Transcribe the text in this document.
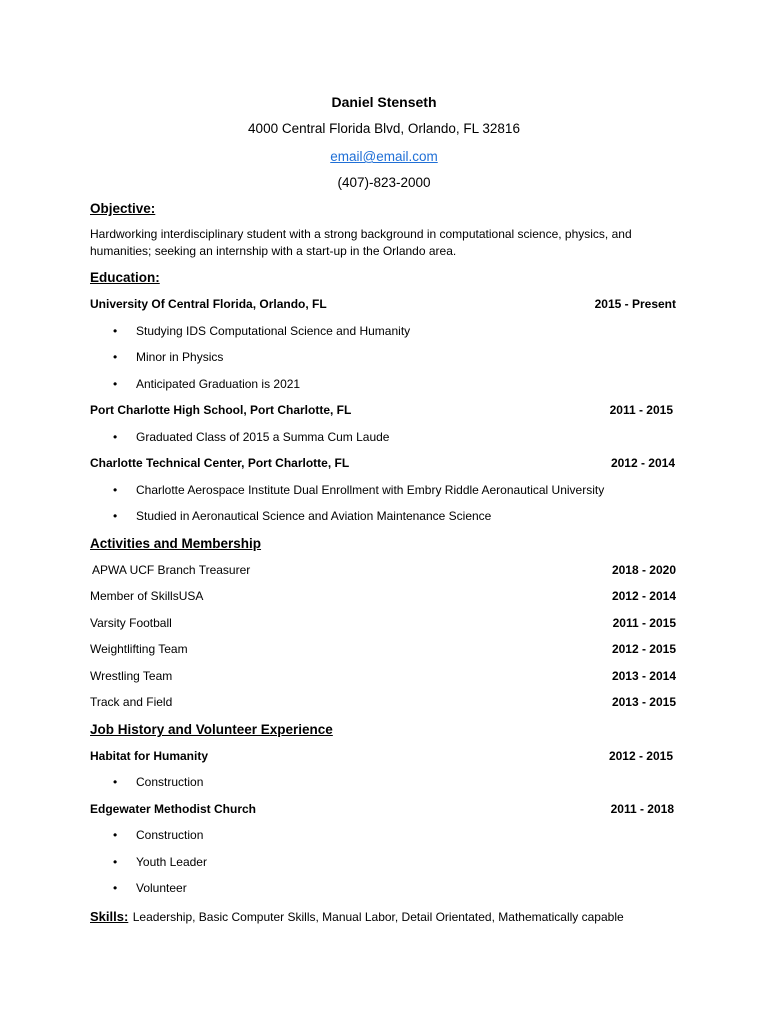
Daniel Stenseth
4000 Central Florida Blvd, Orlando, FL 32816
email@email.com
(407)-823-2000
Objective:
Hardworking interdisciplinary student with a strong background in computational science, physics, and humanities; seeking an internship with a start-up in the Orlando area.
Education:
University Of Central Florida, Orlando, FL	2015 - Present
• Studying IDS Computational Science and Humanity
• Minor in Physics
• Anticipated Graduation is 2021
Port Charlotte High School, Port Charlotte, FL	2011 - 2015
• Graduated Class of 2015 a Summa Cum Laude
Charlotte Technical Center, Port Charlotte, FL	2012 - 2014
• Charlotte Aerospace Institute Dual Enrollment with Embry Riddle Aeronautical University
• Studied in Aeronautical Science and Aviation Maintenance Science
Activities and Membership
APWA UCF Branch Treasurer	2018 - 2020
Member of SkillsUSA	2012 - 2014
Varsity Football	2011 - 2015
Weightlifting Team	2012 - 2015
Wrestling Team	2013 - 2014
Track and Field	2013 - 2015
Job History and Volunteer Experience
Habitat for Humanity	2012 - 2015
• Construction
Edgewater Methodist Church	2011 - 2018
• Construction
• Youth Leader
• Volunteer
Skills: Leadership, Basic Computer Skills, Manual Labor, Detail Orientated, Mathematically capable
